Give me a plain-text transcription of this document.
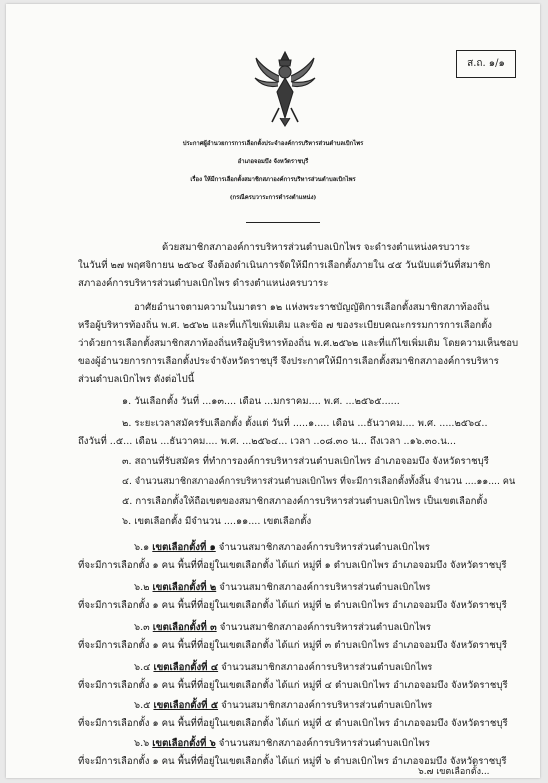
ส.ถ. ๑/๑
ประกาศผู้อำนวยการการเลือกตั้งประจำองค์การบริหารส่วนตำบลเบิกไพร
อำเภอจอมบึง จังหวัดราชบุรี
เรื่อง ให้มีการเลือกตั้งสมาชิกสภาองค์การบริหารส่วนตำบลเบิกไพร
(กรณีครบวาระการดำรงตำแหน่ง)
ด้วยสมาชิกสภาองค์การบริหารส่วนตำบลเบิกไพร จะดำรงตำแหน่งครบวาระ
ในวันที่ ๒๗ พฤศจิกายน ๒๕๖๔ จึงต้องดำเนินการจัดให้มีการเลือกตั้งภายใน ๔๕ วันนับแต่วันที่สมาชิก
สภาองค์การบริหารส่วนตำบลเบิกไพร ดำรงตำแหน่งครบวาระ
อาศัยอำนาจตามความในมาตรา ๑๒ แห่งพระราชบัญญัติการเลือกตั้งสมาชิกสภาท้องถิ่น
หรือผู้บริหารท้องถิ่น พ.ศ. ๒๕๖๒ และที่แก้ไขเพิ่มเติม และข้อ ๗ ของระเบียบคณะกรรมการการเลือกตั้ง
ว่าด้วยการเลือกตั้งสมาชิกสภาท้องถิ่นหรือผู้บริหารท้องถิ่น พ.ศ.๒๕๖๒ และที่แก้ไขเพิ่มเติม โดยความเห็นชอบ
ของผู้อำนวยการการเลือกตั้งประจำจังหวัดราชบุรี จึงประกาศให้มีการเลือกตั้งสมาชิกสภาองค์การบริหาร
ส่วนตำบลเบิกไพร ดังต่อไปนี้
๑. วันเลือกตั้ง วันที่ ...๑๓.... เดือน ...มกราคม.... พ.ศ. ...๒๕๖๕......
๒. ระยะเวลาสมัครรับเลือกตั้ง ตั้งแต่ วันที่ .....๑..... เดือน ...ธันวาคม.... พ.ศ. .....๒๕๖๔..
ถึงวันที่ ..๕... เดือน ...ธันวาคม.... พ.ศ. ...๒๕๖๔... เวลา ..๐๘.๓๐ น... ถึงเวลา ..๑๖.๓๐.น...
๓. สถานที่รับสมัคร ที่ทำการองค์การบริหารส่วนตำบลเบิกไพร อำเภอจอมบึง จังหวัดราชบุรี
๔. จำนวนสมาชิกสภาองค์การบริหารส่วนตำบลเบิกไพร ที่จะมีการเลือกตั้งทั้งสิ้น จำนวน ....๑๑.... คน
๕. การเลือกตั้งให้ถือเขตของสมาชิกสภาองค์การบริหารส่วนตำบลเบิกไพร เป็นเขตเลือกตั้ง
๖. เขตเลือกตั้ง มีจำนวน ....๑๑.... เขตเลือกตั้ง
๖.๑ เขตเลือกตั้งที่ ๑ จำนวนสมาชิกสภาองค์การบริหารส่วนตำบลเบิกไพร
ที่จะมีการเลือกตั้ง ๑ คน พื้นที่ที่อยู่ในเขตเลือกตั้ง ได้แก่ หมู่ที่ ๑ ตำบลเบิกไพร อำเภอจอมบึง จังหวัดราชบุรี
๖.๒ เขตเลือกตั้งที่ ๒ จำนวนสมาชิกสภาองค์การบริหารส่วนตำบลเบิกไพร
ที่จะมีการเลือกตั้ง ๑ คน พื้นที่ที่อยู่ในเขตเลือกตั้ง ได้แก่ หมู่ที่ ๒ ตำบลเบิกไพร อำเภอจอมบึง จังหวัดราชบุรี
๖.๓ เขตเลือกตั้งที่ ๓ จำนวนสมาชิกสภาองค์การบริหารส่วนตำบลเบิกไพร
ที่จะมีการเลือกตั้ง ๑ คน พื้นที่ที่อยู่ในเขตเลือกตั้ง ได้แก่ หมู่ที่ ๓ ตำบลเบิกไพร อำเภอจอมบึง จังหวัดราชบุรี
๖.๔ เขตเลือกตั้งที่ ๔ จำนวนสมาชิกสภาองค์การบริหารส่วนตำบลเบิกไพร
ที่จะมีการเลือกตั้ง ๑ คน พื้นที่ที่อยู่ในเขตเลือกตั้ง ได้แก่ หมู่ที่ ๔ ตำบลเบิกไพร อำเภอจอมบึง จังหวัดราชบุรี
๖.๕ เขตเลือกตั้งที่ ๕ จำนวนสมาชิกสภาองค์การบริหารส่วนตำบลเบิกไพร
ที่จะมีการเลือกตั้ง ๑ คน พื้นที่ที่อยู่ในเขตเลือกตั้ง ได้แก่ หมู่ที่ ๕ ตำบลเบิกไพร อำเภอจอมบึง จังหวัดราชบุรี
๖.๖ เขตเลือกตั้งที่ ๖ จำนวนสมาชิกสภาองค์การบริหารส่วนตำบลเบิกไพร
ที่จะมีการเลือกตั้ง ๑ คน พื้นที่ที่อยู่ในเขตเลือกตั้ง ได้แก่ หมู่ที่ ๖ ตำบลเบิกไพร อำเภอจอมบึง จังหวัดราชบุรี
๖.๗ เขตเลือกตั้ง...
